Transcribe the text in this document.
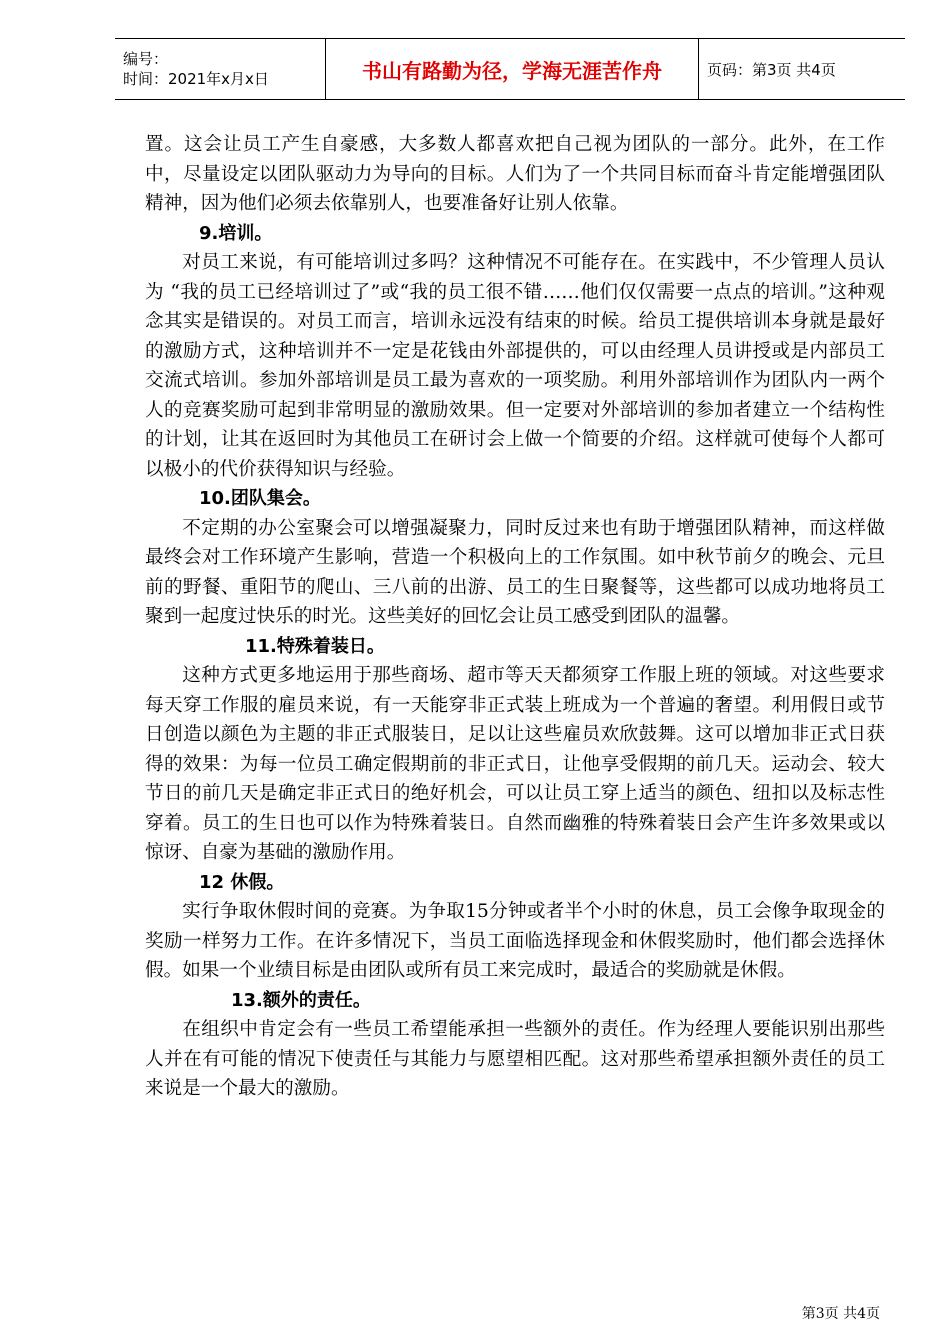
编号：
时间：2021年x月x日	书山有路勤为径，学海无涯苦作舟	页码：第3页 共4页

置。这会让员工产生自豪感，大多数人都喜欢把自己视为团队的一部分。此外，在工作中，尽量设定以团队驱动力为导向的目标。人们为了一个共同目标而奋斗肯定能增强团队精神，因为他们必须去依靠别人，也要准备好让别人依靠。

9.培训。

对员工来说，有可能培训过多吗？这种情况不可能存在。在实践中，不少管理人员认为 “我的员工已经培训过了”或“我的员工很不错……他们仅仅需要一点点的培训。”这种观念其实是错误的。对员工而言，培训永远没有结束的时候。给员工提供培训本身就是最好的激励方式，这种培训并不一定是花钱由外部提供的，可以由经理人员讲授或是内部员工交流式培训。参加外部培训是员工最为喜欢的一项奖励。利用外部培训作为团队内一两个人的竞赛奖励可起到非常明显的激励效果。但一定要对外部培训的参加者建立一个结构性的计划，让其在返回时为其他员工在研讨会上做一个简要的介绍。这样就可使每个人都可以极小的代价获得知识与经验。

10.团队集会。

不定期的办公室聚会可以增强凝聚力，同时反过来也有助于增强团队精神，而这样做最终会对工作环境产生影响，营造一个积极向上的工作氛围。如中秋节前夕的晚会、元旦前的野餐、重阳节的爬山、三八前的出游、员工的生日聚餐等，这些都可以成功地将员工聚到一起度过快乐的时光。这些美好的回忆会让员工感受到团队的温馨。

11.特殊着装日。

这种方式更多地运用于那些商场、超市等天天都须穿工作服上班的领域。对这些要求每天穿工作服的雇员来说，有一天能穿非正式装上班成为一个普遍的奢望。利用假日或节日创造以颜色为主题的非正式服装日，足以让这些雇员欢欣鼓舞。这可以增加非正式日获得的效果：为每一位员工确定假期前的非正式日，让他享受假期的前几天。运动会、较大节日的前几天是确定非正式日的绝好机会，可以让员工穿上适当的颜色、纽扣以及标志性穿着。员工的生日也可以作为特殊着装日。自然而幽雅的特殊着装日会产生许多效果或以惊讶、自豪为基础的激励作用。

12 休假。

实行争取休假时间的竞赛。为争取15分钟或者半个小时的休息，员工会像争取现金的奖励一样努力工作。在许多情况下，当员工面临选择现金和休假奖励时，他们都会选择休假。如果一个业绩目标是由团队或所有员工来完成时，最适合的奖励就是休假。

13.额外的责任。

在组织中肯定会有一些员工希望能承担一些额外的责任。作为经理人要能识别出那些人并在有可能的情况下使责任与其能力与愿望相匹配。这对那些希望承担额外责任的员工来说是一个最大的激励。

第3页 共4页
